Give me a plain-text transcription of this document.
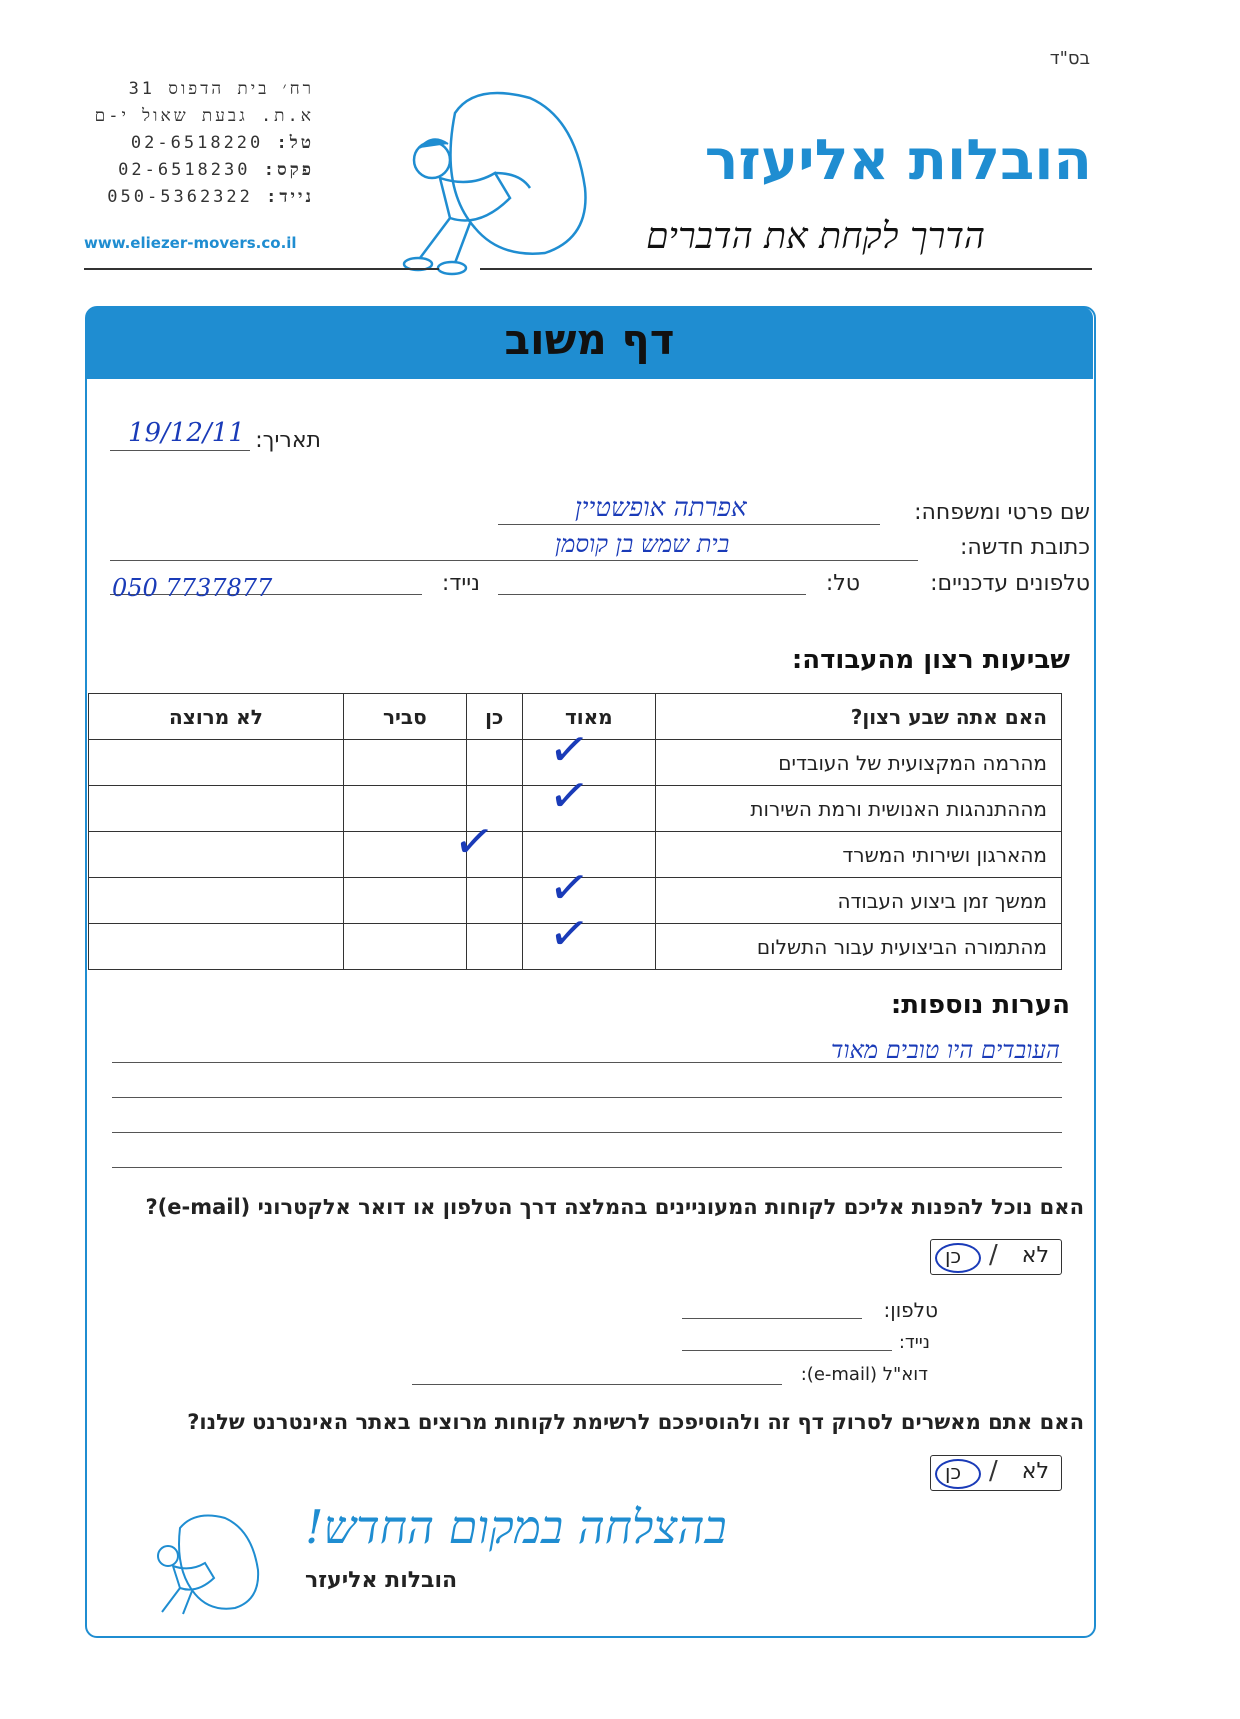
בס"ד
רח׳ בית הדפוס 31
א.ת. גבעת שאול י-ם
טל: 02-6518220
פקס: 02-6518230
נייד: 050-5362322
www.eliezer-movers.co.il
הובלות אליעזר
הדרך לקחת את הדברים
דף משוב
תאריך:
19/12/11
שם פרטי ומשפחה:
אפרתה אופשטיין
כתובת חדשה:
בית שמש בן קוסמן
טלפונים עדכניים:
טל:
נייד:
050 7737877
שביעות רצון מהעבודה:
האם אתה שבע רצון?	מאוד	כן	סביר	לא מרוצה
מהרמה המקצועית של העובדים	✓			

מההתנהגות האנושית ורמת השירות	✓			

מהארגון ושירותי המשרד		✓		

ממשך זמן ביצוע העבודה	✓			

מהתמורה הביצועית עבור התשלום	✓			

הערות נוספות:
העובדים היו טובים מאוד
האם נוכל להפנות אליכם לקוחות המעוניינים בהמלצה דרך הטלפון או דואר אלקטרוני (e-mail)?
לא
/
כן
טלפון:
נייד:
דוא"ל (e-mail):
האם אתם מאשרים לסרוק דף זה ולהוסיפכם לרשימת לקוחות מרוצים באתר האינטרנט שלנו?
לא
/
כן
בהצלחה במקום החדש!
הובלות אליעזר
